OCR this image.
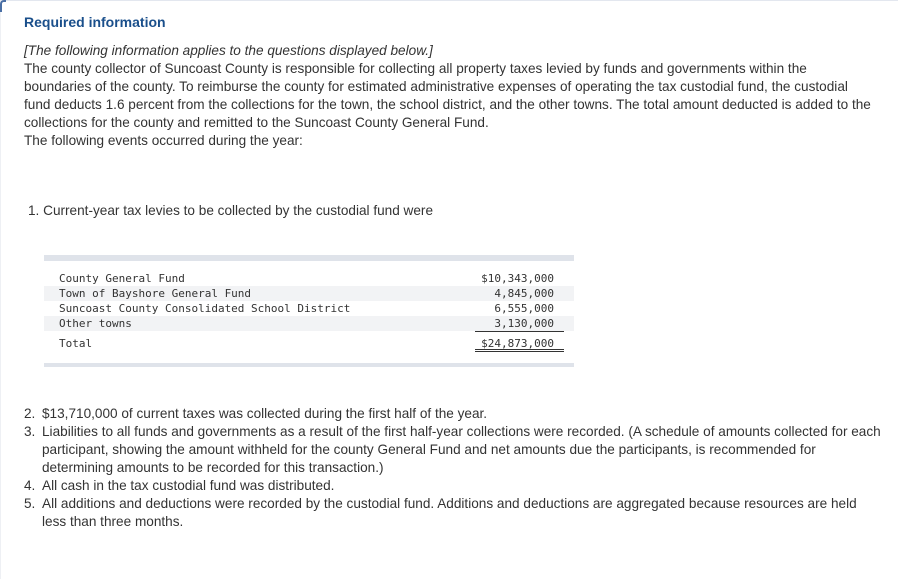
Required information

[The following information applies to the questions displayed below.]

The county collector of Suncoast County is responsible for collecting all property taxes levied by funds and governments within the boundaries of the county. To reimburse the county for estimated administrative expenses of operating the tax custodial fund, the custodial fund deducts 1.6 percent from the collections for the town, the school district, and the other towns. The total amount deducted is added to the collections for the county and remitted to the Suncoast County General Fund.

The following events occurred during the year:

1. Current-year tax levies to be collected by the custodial fund were
County General Fund	$10,343,000
Town of Bayshore General Fund	4,845,000
Suncoast County Consolidated School District	6,555,000
Other towns	3,130,000
Total	$24,873,000
2. $13,710,000 of current taxes was collected during the first half of the year.
3. Liabilities to all funds and governments as a result of the first half-year collections were recorded. (A schedule of amounts collected for each participant, showing the amount withheld for the county General Fund and net amounts due the participants, is recommended for determining amounts to be recorded for this transaction.)
4. All cash in the tax custodial fund was distributed.
5. All additions and deductions were recorded by the custodial fund. Additions and deductions are aggregated because resources are held less than three months.
